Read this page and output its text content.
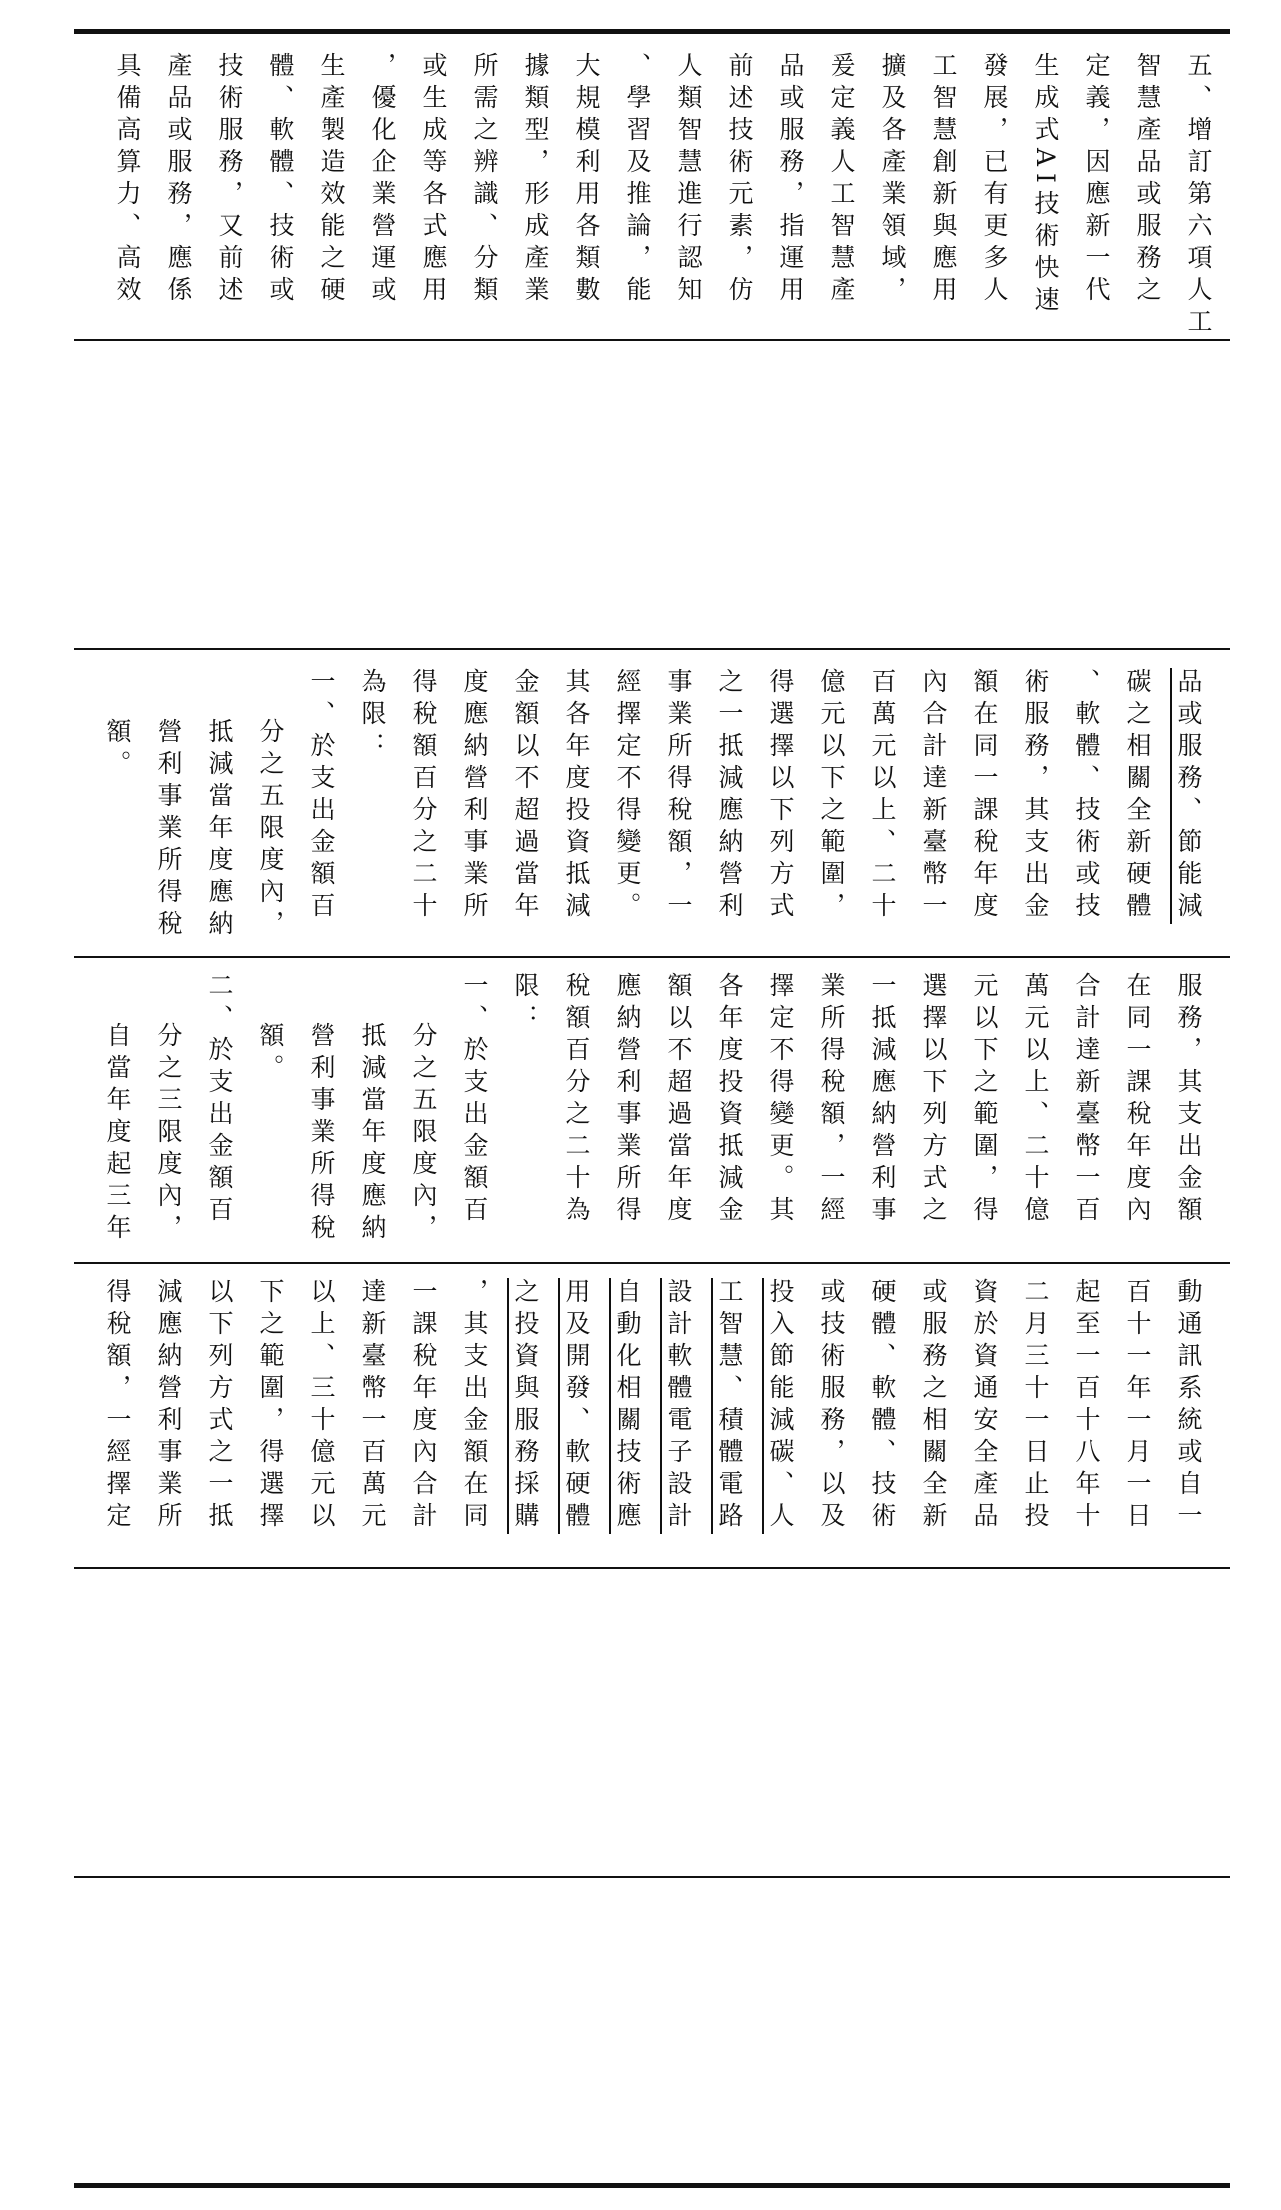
五、增訂第六項人工
智慧產品或服務之
定義，因應新一代
生成式AI技術快速
發展，已有更多人
工智慧創新與應用
擴及各產業領域，
爰定義人工智慧產
品或服務，指運用
前述技術元素，仿
人類智慧進行認知
、學習及推論，能
大規模利用各類數
據類型，形成產業
所需之辨識、分類
或生成等各式應用
，優化企業營運或
生產製造效能之硬
體、軟體、技術或
技術服務，又前述
產品或服務，應係
具備高算力、高效
品或服務、節能減
碳之相關全新硬體
、軟體、技術或技
術服務，其支出金
額在同一課稅年度
內合計達新臺幣一
百萬元以上、二十
億元以下之範圍，
得選擇以下列方式
之一抵減應納營利
事業所得稅額，一
經擇定不得變更。
其各年度投資抵減
金額以不超過當年
度應納營利事業所
得稅額百分之二十
為限：
一、於支出金額百
分之五限度內，
抵減當年度應納
營利事業所得稅
額。
服務，其支出金額
在同一課稅年度內
合計達新臺幣一百
萬元以上、二十億
元以下之範圍，得
選擇以下列方式之
一抵減應納營利事
業所得稅額，一經
擇定不得變更。其
各年度投資抵減金
額以不超過當年度
應納營利事業所得
稅額百分之二十為
限：
一、於支出金額百
分之五限度內，
抵減當年度應納
營利事業所得稅
額。
二、於支出金額百
分之三限度內，
自當年度起三年
動通訊系統或自一
百十一年一月一日
起至一百十八年十
二月三十一日止投
資於資通安全產品
或服務之相關全新
硬體、軟體、技術
或技術服務，以及
投入節能減碳、人
工智慧、積體電路
設計軟體電子設計
自動化相關技術應
用及開發、軟硬體
之投資與服務採購
，其支出金額在同
一課稅年度內合計
達新臺幣一百萬元
以上、三十億元以
下之範圍，得選擇
以下列方式之一抵
減應納營利事業所
得稅額，一經擇定
